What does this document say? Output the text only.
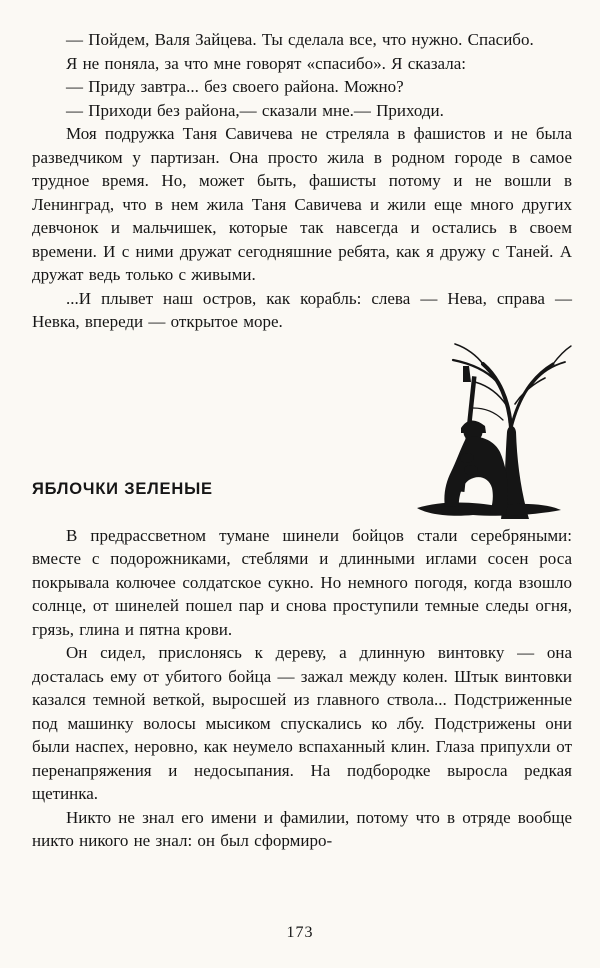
— Пойдем, Валя Зайцева. Ты сделала все, что нужно. Спасибо.

Я не поняла, за что мне говорят «спасибо». Я сказала:

— Приду завтра... без своего района. Можно?

— Приходи без района,— сказали мне.— Приходи.

Моя подружка Таня Савичева не стреляла в фашистов и не была разведчиком у партизан. Она просто жила в родном городе в самое трудное время. Но, может быть, фашисты потому и не вошли в Ленинград, что в нем жила Таня Савичева и жили еще много других девчонок и мальчишек, которые так навсегда и остались в своем времени. И с ними дружат сегодняшние ребята, как я дружу с Таней. А дружат ведь только с живыми.

...И плывет наш остров, как корабль: слева — Нева, справа — Невка, впереди — открытое море.

ЯБЛОЧКИ ЗЕЛЕНЫЕ

В предрассветном тумане шинели бойцов стали серебряными: вместе с подорожниками, стеблями и длинными иглами сосен роса покрывала колючее солдатское сукно. Но немного погодя, когда взошло солнце, от шинелей пошел пар и снова проступили темные следы огня, грязь, глина и пятна крови.

Он сидел, прислонясь к дереву, а длинную винтовку — она досталась ему от убитого бойца — зажал между колен. Штык винтовки казался темной веткой, выросшей из главного ствола... Подстриженные под машинку волосы мысиком спускались ко лбу. Подстрижены они были наспех, неровно, как неумело вспаханный клин. Глаза припухли от перенапряжения и недосыпания. На подбородке выросла редкая щетинка.

Никто не знал его имени и фамилии, потому что в отряде вообще никто никого не знал: он был сформиро-

173
